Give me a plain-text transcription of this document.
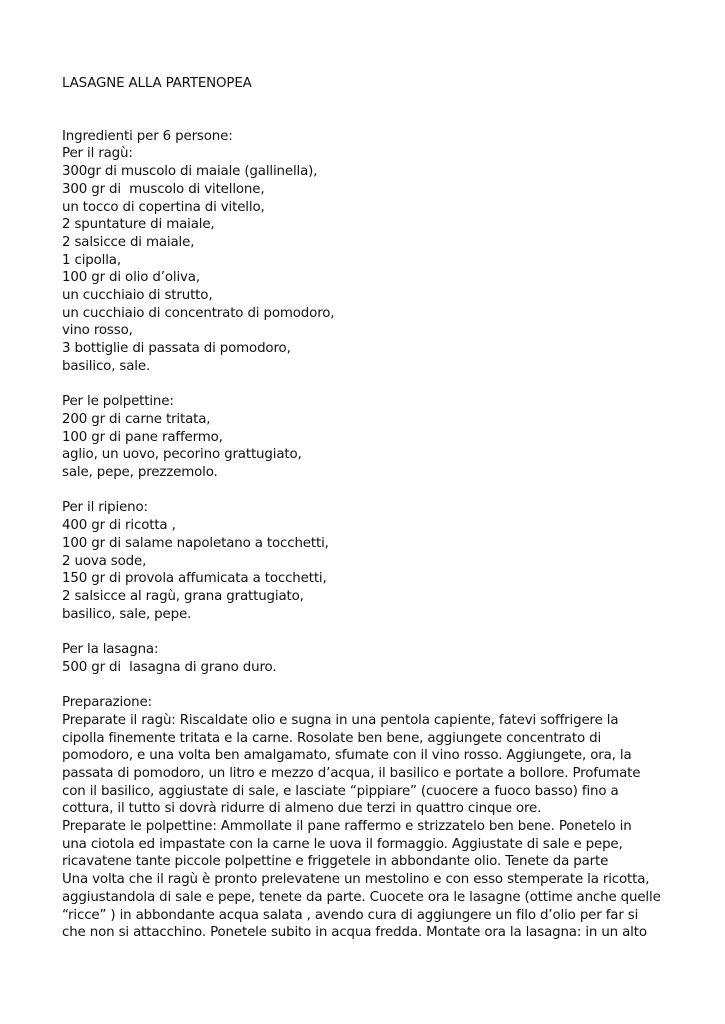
LASAGNE ALLA PARTENOPEA
Ingredienti per 6 persone:
Per il ragù:
300gr di muscolo di maiale (gallinella),
300 gr di  muscolo di vitellone,
un tocco di copertina di vitello,
2 spuntature di maiale,
2 salsicce di maiale,
1 cipolla,
100 gr di olio d’oliva,
un cucchiaio di strutto,
un cucchiaio di concentrato di pomodoro,
vino rosso,
3 bottiglie di passata di pomodoro,
basilico, sale.
Per le polpettine:
200 gr di carne tritata,
100 gr di pane raffermo,
aglio, un uovo, pecorino grattugiato,
sale, pepe, prezzemolo.
Per il ripieno:
400 gr di ricotta ,
100 gr di salame napoletano a tocchetti,
2 uova sode,
150 gr di provola affumicata a tocchetti,
2 salsicce al ragù, grana grattugiato,
basilico, sale, pepe.
Per la lasagna:
500 gr di  lasagna di grano duro.
Preparazione:
Preparate il ragù: Riscaldate olio e sugna in una pentola capiente, fatevi soffrigere la
cipolla finemente tritata e la carne. Rosolate ben bene, aggiungete concentrato di
pomodoro, e una volta ben amalgamato, sfumate con il vino rosso. Aggiungete, ora, la
passata di pomodoro, un litro e mezzo d’acqua, il basilico e portate a bollore. Profumate
con il basilico, aggiustate di sale, e lasciate “pippiare” (cuocere a fuoco basso) fino a
cottura, il tutto si dovrà ridurre di almeno due terzi in quattro cinque ore.
Preparate le polpettine: Ammollate il pane raffermo e strizzatelo ben bene. Ponetelo in
una ciotola ed impastate con la carne le uova il formaggio. Aggiustate di sale e pepe,
ricavatene tante piccole polpettine e friggetele in abbondante olio. Tenete da parte
Una volta che il ragù è pronto prelevatene un mestolino e con esso stemperate la ricotta,
aggiustandola di sale e pepe, tenete da parte. Cuocete ora le lasagne (ottime anche quelle
“ricce” ) in abbondante acqua salata , avendo cura di aggiungere un filo d’olio per far si
che non si attacchino. Ponetele subito in acqua fredda. Montate ora la lasagna: in un alto
